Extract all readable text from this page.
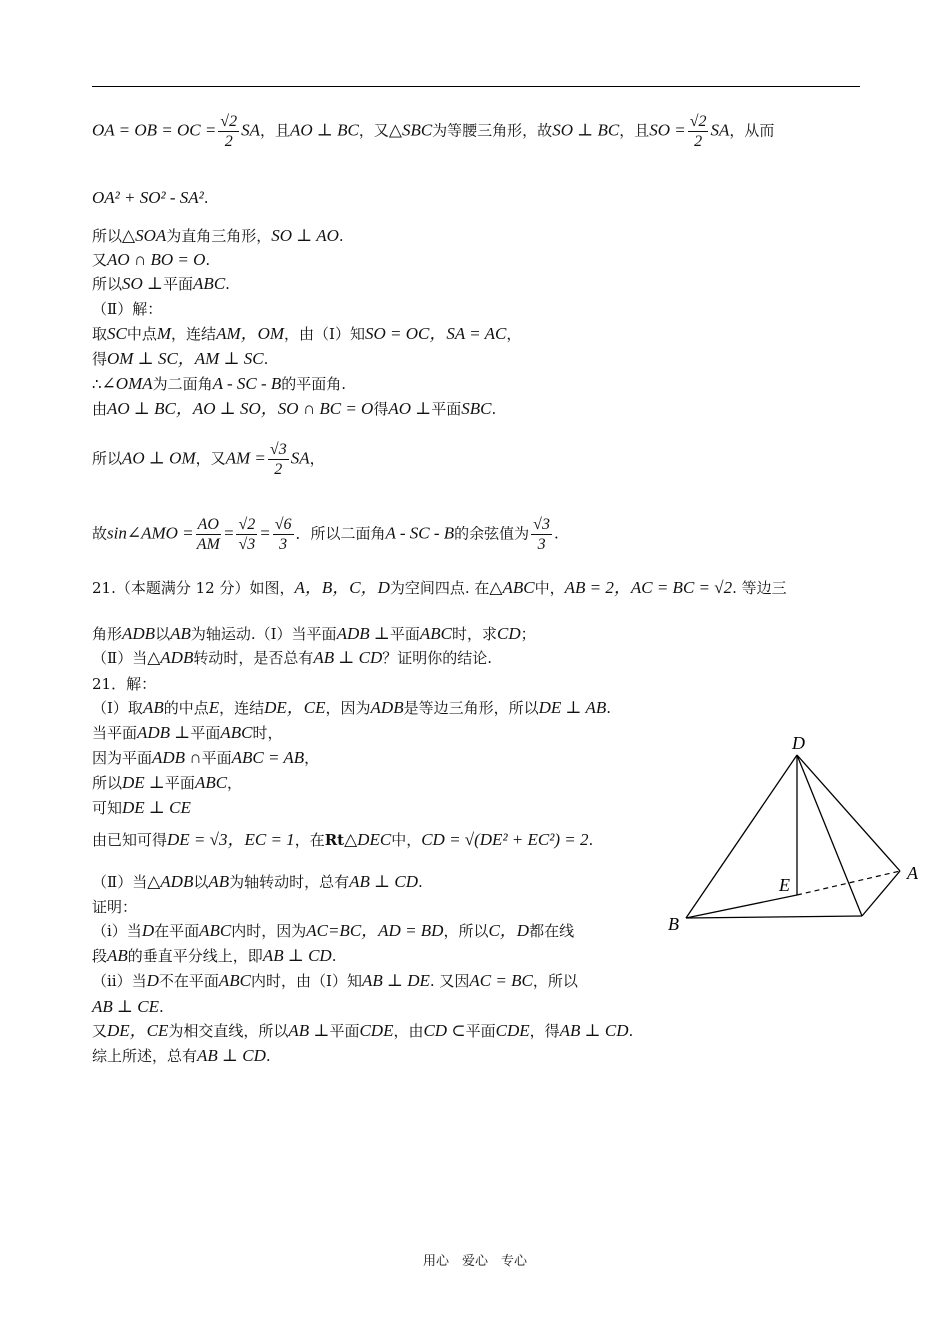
OA = OB = OC = $\frac{√2}{2}$ SA，且AO ⊥ BC，又△SBC为等腰三角形，故SO ⊥ BC，且SO = $\frac{√2}{2}$ SA，从而
OA² + SO² - SA².
所以△SOA为直角三角形，SO ⊥ AO.
又AO ∩ BO = O.
所以SO ⊥平面ABC.
（Ⅱ）解：
取SC中点M，连结AM，OM，由（Ⅰ）知SO = OC，SA = AC，
得OM ⊥ SC，AM ⊥ SC.
∴∠OMA为二面角A - SC - B的平面角.
由AO ⊥ BC，AO ⊥ SO，SO ∩ BC = O得AO ⊥平面SBC.
所以AO ⊥ OM，又AM = $\frac{√3}{2}$ SA，
故sin∠AMO = $\frac{AO}{AM} = \frac{√2}{√3} = \frac{√6}{3}$ ．所以二面角A - SC - B的余弦值为 $\frac{√3}{3}$ .
21.（本题满分 12 分）如图，A，B，C，D为空间四点. 在△ABC中，AB = 2，AC = BC = √2. 等边三
角形ADB以AB为轴运动.（Ⅰ）当平面ADB ⊥平面ABC时，求CD；
（Ⅱ）当△ADB转动时，是否总有AB ⊥ CD？证明你的结论.
21．解：
（Ⅰ）取AB的中点E，连结DE，CE，因为ADB是等边三角形，所以DE ⊥ AB.
当平面ADB ⊥平面ABC时，
因为平面ADB ∩平面ABC = AB，
所以DE ⊥平面ABC，
可知DE ⊥ CE
由已知可得DE = √3，EC = 1，在Rt△DEC中，CD = √(DE² + EC²) = 2.
（Ⅱ）当△ADB以AB为轴转动时，总有AB ⊥ CD.
证明：
（ⅰ）当D在平面ABC内时，因为AC=BC，AD = BD，所以C，D都在线
段AB的垂直平分线上，即AB ⊥ CD.
（ⅱ）当D不在平面ABC内时，由（Ⅰ）知AB ⊥ DE. 又因AC = BC，所以
AB ⊥ CE.
又DE，CE为相交直线，所以AB ⊥平面CDE，由CD ⊂平面CDE，得AB ⊥ CD.
综上所述，总有AB ⊥ CD.
D
E
A
B
用心　爱心　专心
